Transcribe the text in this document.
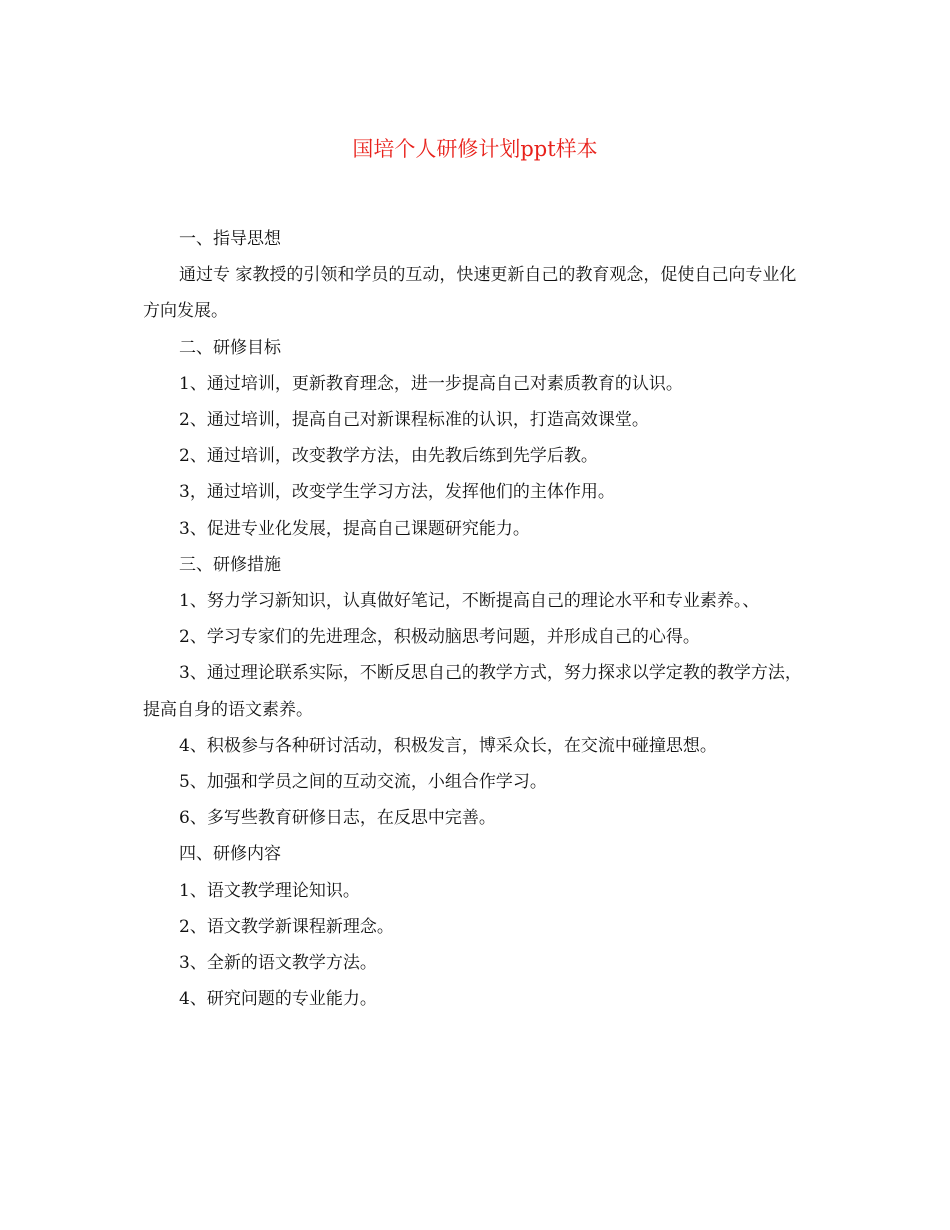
国培个人研修计划ppt样本

一、指导思想

通过专 家教授的引领和学员的互动，快速更新自己的教育观念，促使自己向专业化方向发展。

二、研修目标

1、通过培训，更新教育理念，进一步提高自己对素质教育的认识。

2、通过培训，提高自己对新课程标准的认识，打造高效课堂。

2、通过培训，改变教学方法，由先教后练到先学后教。

3，通过培训，改变学生学习方法，发挥他们的主体作用。

3、促进专业化发展，提高自己课题研究能力。

三、研修措施

1、努力学习新知识，认真做好笔记，不断提高自己的理论水平和专业素养。、

2、学习专家们的先进理念，积极动脑思考问题，并形成自己的心得。

3、通过理论联系实际，不断反思自己的教学方式，努力探求以学定教的教学方法，提高自身的语文素养。

4、积极参与各种研讨活动，积极发言，博采众长，在交流中碰撞思想。

5、加强和学员之间的互动交流，小组合作学习。

6、多写些教育研修日志，在反思中完善。

四、研修内容

1、语文教学理论知识。

2、语文教学新课程新理念。

3、全新的语文教学方法。

4、研究问题的专业能力。
